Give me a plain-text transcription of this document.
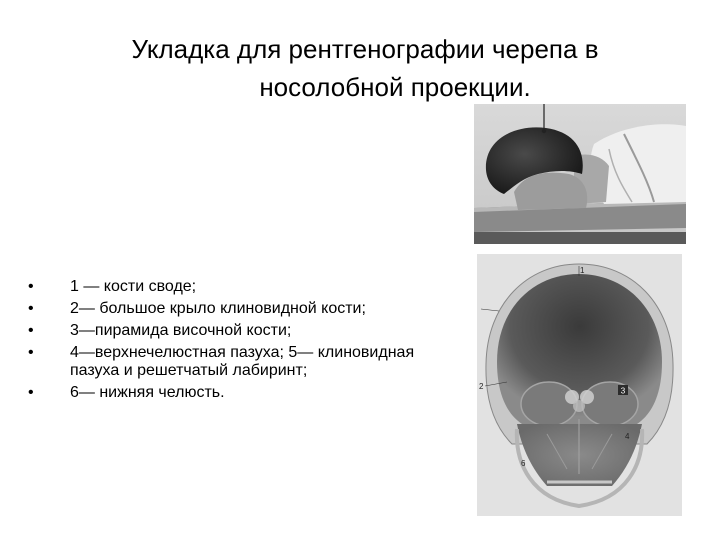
Укладка для рентгенографии черепа в
носолобной проекции.
• 1 — кости своде;
• 2— большое крыло клиновидной кости;
• 3—пирамида височной кости;
• 4—верхнечелюстная пазуха; 5— клиновидная пазуха и решетчатый лабиринт;
• 6— нижняя челюсть.	3
1
2
4
6
